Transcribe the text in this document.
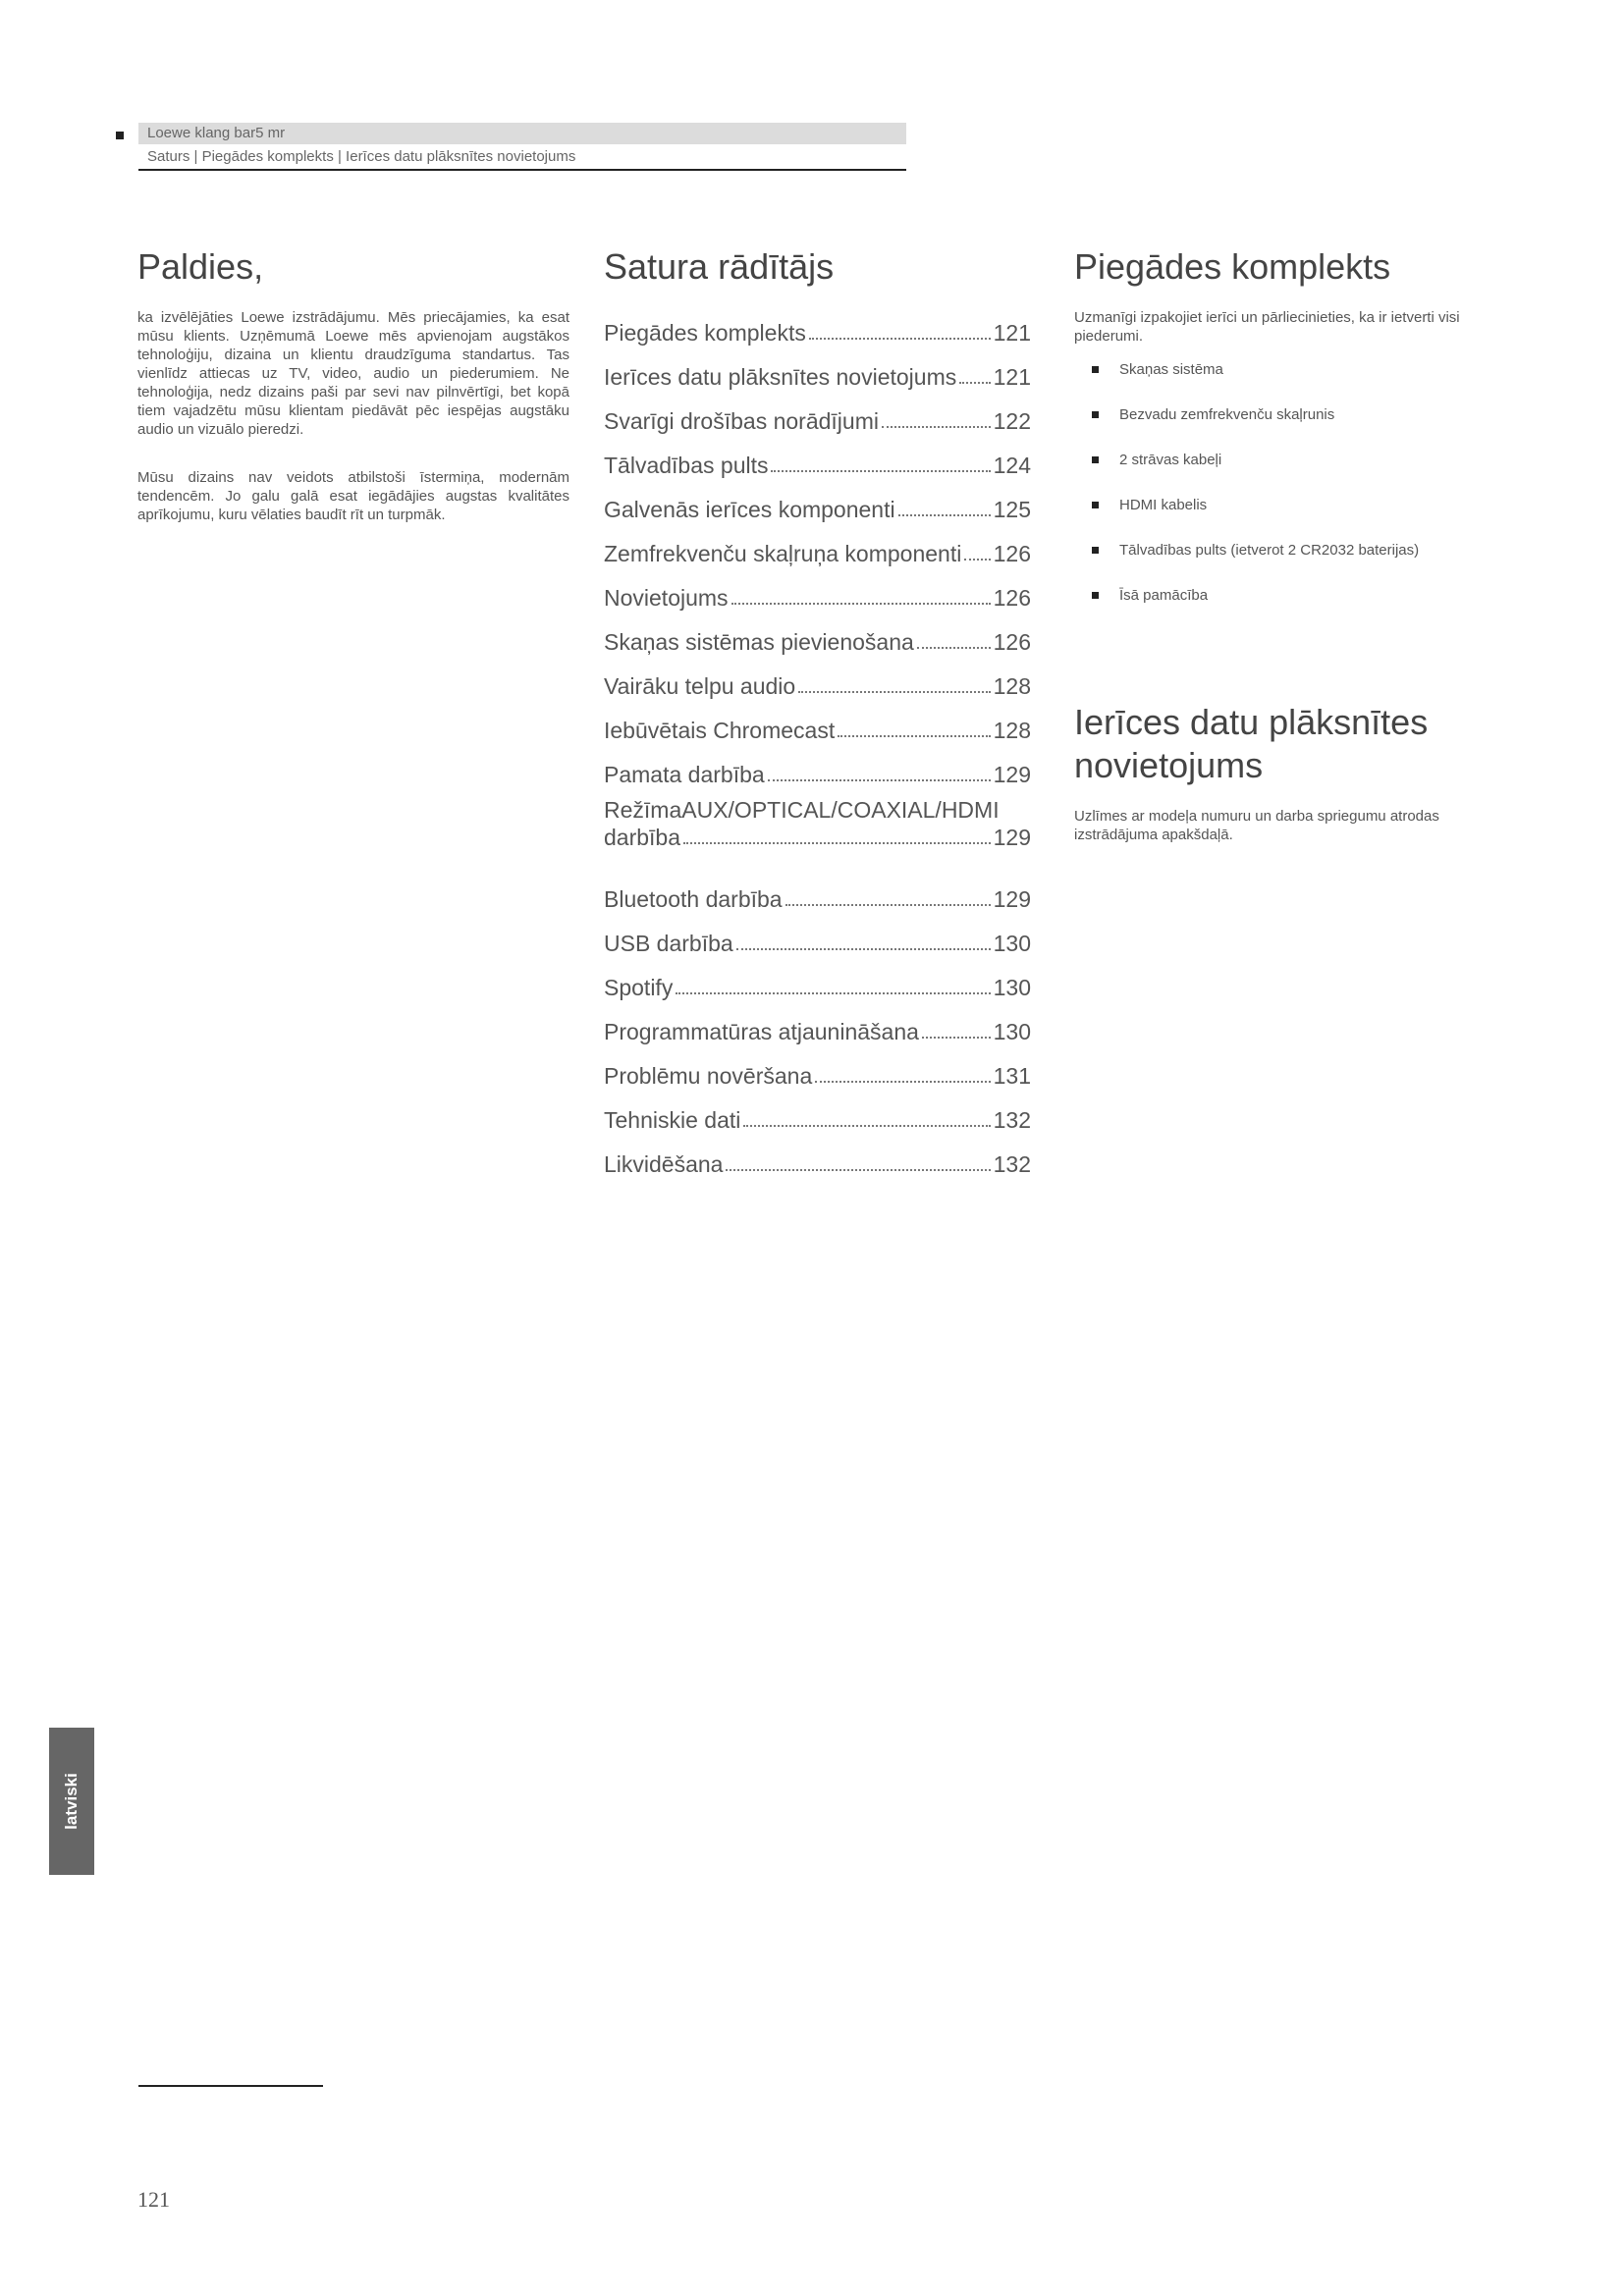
Loewe klang bar5 mr
Saturs | Piegādes komplekts | Ierīces datu plāksnītes novietojums
Paldies,

ka izvēlējāties Loewe izstrādājumu. Mēs priecājamies, ka esat mūsu klients. Uzņēmumā Loewe mēs apvienojam augstākos tehnoloģiju, dizaina un klientu draudzīguma standartus. Tas vienlīdz attiecas uz TV, video, audio un piederumiem. Ne tehnoloģija, nedz dizains paši par sevi nav pilnvērtīgi, bet kopā tiem vajadzētu mūsu klientam piedāvāt pēc iespējas augstāku audio un vizuālo pieredzi.

Mūsu dizains nav veidots atbilstoši īstermiņa, modernām tendencēm. Jo galu galā esat iegādājies augstas kvalitātes aprīkojumu, kuru vēlaties baudīt rīt un turpmāk.

Satura rādītājs
Piegādes komplekts	121
Ierīces datu plāksnītes novietojums 121
Svarīgi drošības norādījumi	122
Tālvadības pults	124
Galvenās ierīces komponenti	125
Zemfrekvenču skaļruņa komponenti 126
Novietojums	126
Skaņas sistēmas pievienošana	126
Vairāku telpu audio	128
Iebūvētais Chromecast	128
Pamata darbība	129
RežīmaAUX/OPTICAL/COAXIAL/HDMI
darbība	129
Bluetooth darbība	129
USB darbība	130
Spotify	130
Programmatūras atjaunināšana	130
Problēmu novēršana	131
Tehniskie dati	132
Likvidēšana	132
Piegādes komplekts

Uzmanīgi izpakojiet ierīci un pārliecinieties, ka ir ietverti visi piederumi.

Skaņas sistēma
Bezvadu zemfrekvenču skaļrunis
2 strāvas kabeļi
HDMI kabelis
Tālvadības pults (ietverot 2 CR2032 baterijas)
Īsā pamācība
Ierīces datu plāksnītes novietojums

Uzlīmes ar modeļa numuru un darba spriegumu atrodas izstrādājuma apakšdaļā.

latviski
121
